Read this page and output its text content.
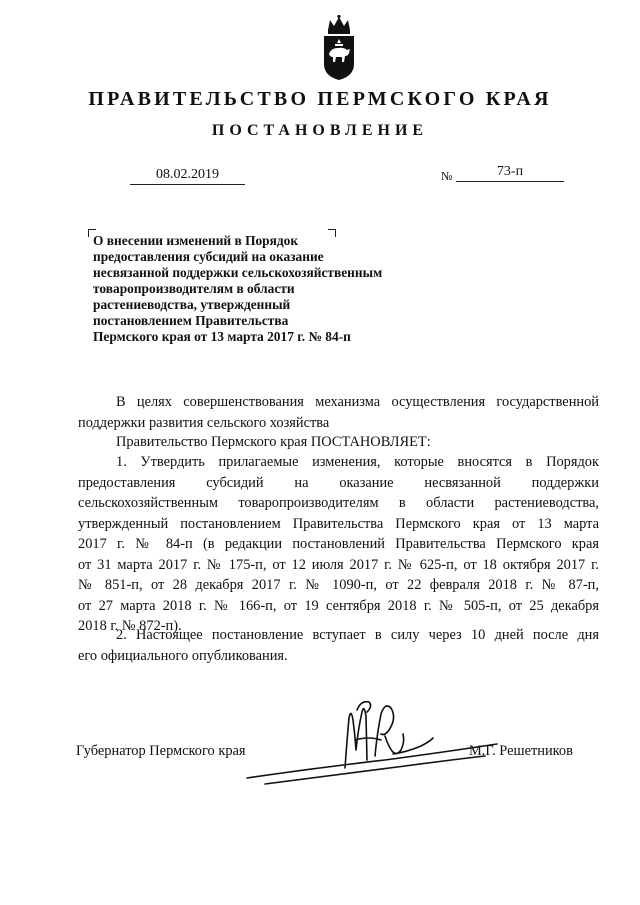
ПРАВИТЕЛЬСТВО ПЕРМСКОГО КРАЯ
ПОСТАНОВЛЕНИЕ
08.02.2019	№	73-п
О внесении изменений в Порядок
предоставления субсидий на оказание
несвязанной поддержки сельскохозяйственным
товаропроизводителям в области
растениеводства, утвержденный
постановлением Правительства
Пермского края от 13 марта 2017 г. № 84-п
В целях совершенствования механизма осуществления государственной
поддержки развития сельского хозяйства
Правительство Пермского края ПОСТАНОВЛЯЕТ:
1. Утвердить прилагаемые изменения, которые вносятся в Порядок
предоставления субсидий на оказание несвязанной поддержки
сельскохозяйственным товаропроизводителям в области растениеводства,
утвержденный постановлением Правительства Пермского края от 13 марта
2017 г. № 84-п (в редакции постановлений Правительства Пермского края
от 31 марта 2017 г. № 175-п, от 12 июля 2017 г. № 625-п, от 18 октября 2017 г.
№ 851-п, от 28 декабря 2017 г. № 1090-п, от 22 февраля 2018 г. № 87-п,
от 27 марта 2018 г. № 166-п, от 19 сентября 2018 г. № 505-п, от 25 декабря
2018 г. № 872-п).
2. Настоящее постановление вступает в силу через 10 дней после дня
его официального опубликования.
Губернатор Пермского края	М.Г. Решетников
